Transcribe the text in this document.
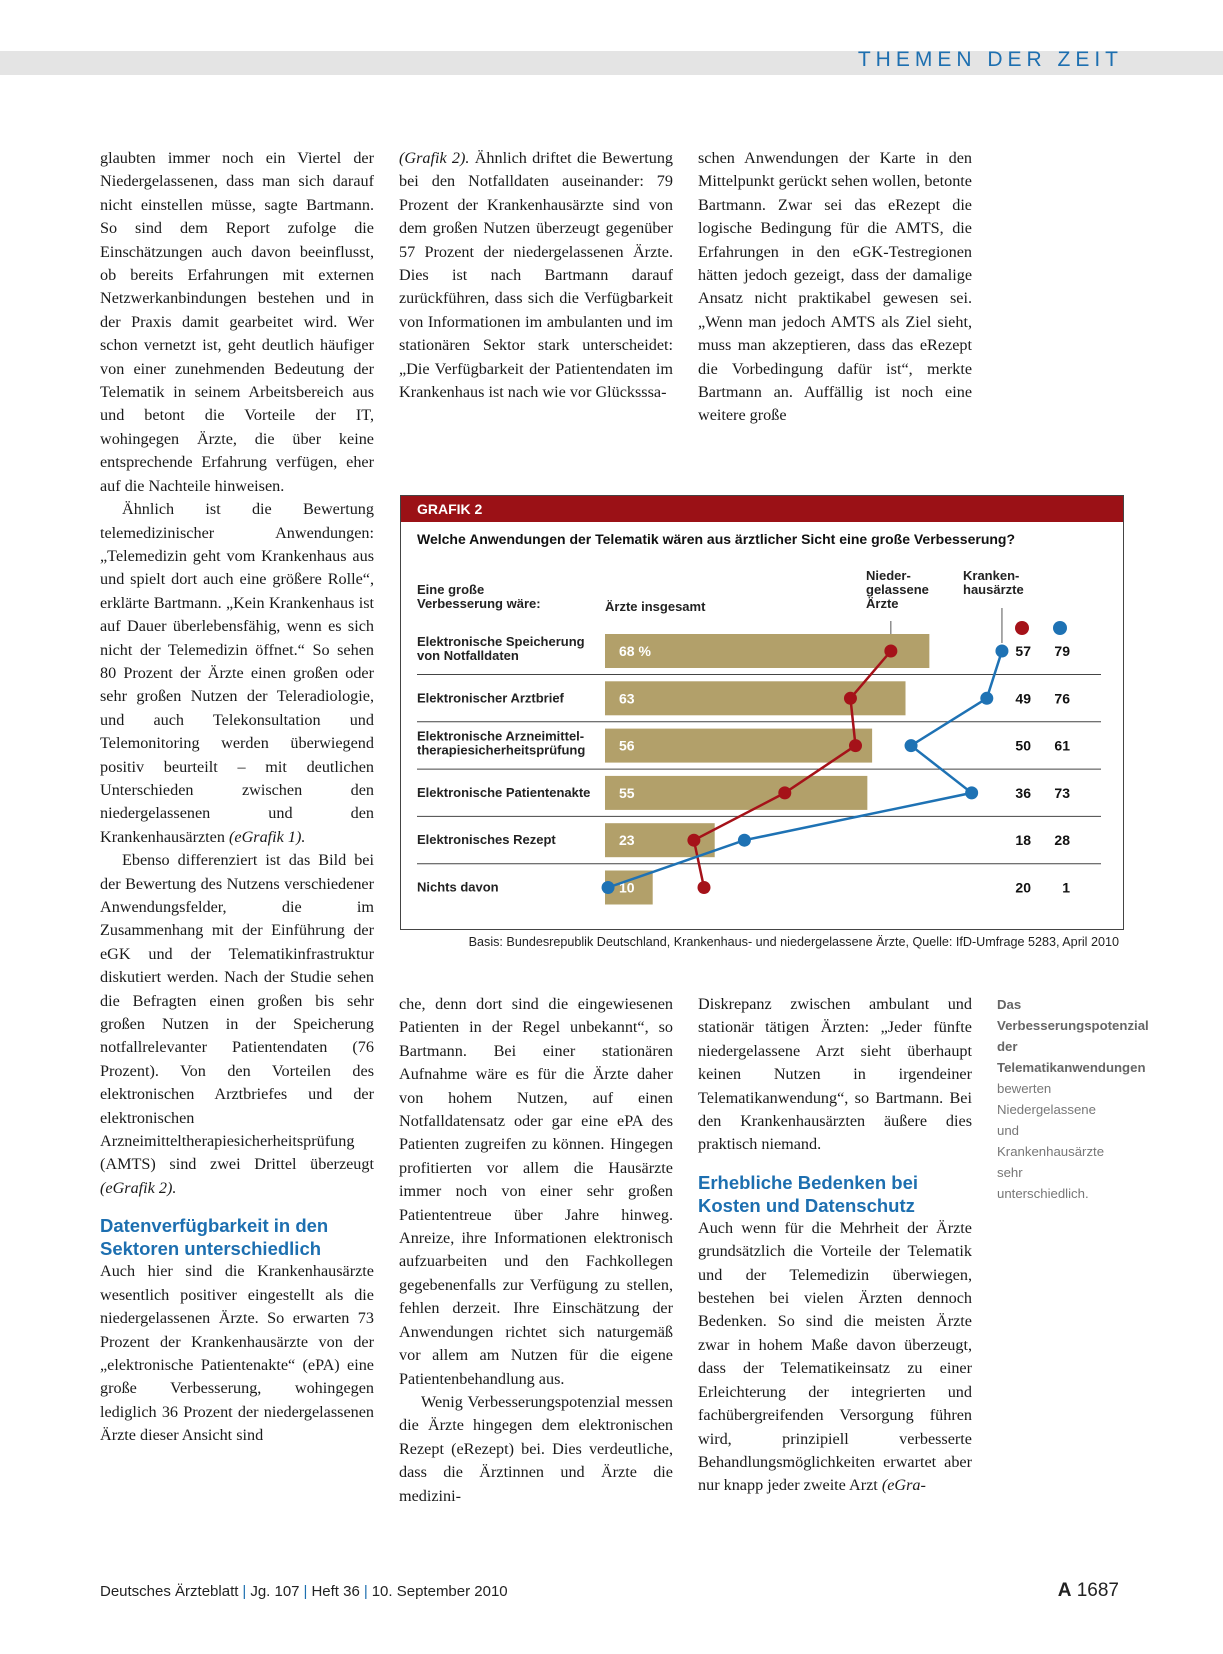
THEMEN DER ZEIT

glaubten immer noch ein Viertel der Niedergelassenen, dass man sich darauf nicht einstellen müsse, sagte Bartmann. So sind dem Report zufolge die Einschätzungen auch davon beeinflusst, ob bereits Erfahrungen mit externen Netzwerkanbindungen bestehen und in der Praxis damit gearbeitet wird. Wer schon vernetzt ist, geht deutlich häufiger von einer zunehmenden Bedeutung der Telematik in seinem Arbeitsbereich aus und betont die Vorteile der IT, wohingegen Ärzte, die über keine entsprechende Erfahrung verfügen, eher auf die Nachteile hinweisen.

Ähnlich ist die Bewertung telemedizinischer Anwendungen: „Telemedizin geht vom Krankenhaus aus und spielt dort auch eine größere Rolle“, erklärte Bartmann. „Kein Krankenhaus ist auf Dauer überlebensfähig, wenn es sich nicht der Telemedizin öffnet.“ So sehen 80 Prozent der Ärzte einen großen oder sehr großen Nutzen der Teleradiologie, und auch Telekonsultation und Telemonitoring werden überwiegend positiv beurteilt – mit deutlichen Unterschieden zwischen den niedergelassenen und den Krankenhausärzten (eGrafik 1).

Ebenso differenziert ist das Bild bei der Bewertung des Nutzens verschiedener Anwendungsfelder, die im Zusammenhang mit der Einführung der eGK und der Telematikinfrastruktur diskutiert werden. Nach der Studie sehen die Befragten einen großen bis sehr großen Nutzen in der Speicherung notfallrelevanter Patientendaten (76 Prozent). Von den Vorteilen des elektronischen Arztbriefes und der elektronischen Arzneimitteltherapiesicherheitsprüfung (AMTS) sind zwei Drittel überzeugt (eGrafik 2).

Datenverfügbarkeit in den Sektoren unterschiedlich

Auch hier sind die Krankenhausärzte wesentlich positiver eingestellt als die niedergelassenen Ärzte. So erwarten 73 Prozent der Krankenhausärzte von der „elektronische Patientenakte“ (ePA) eine große Verbesserung, wohingegen lediglich 36 Prozent der niedergelassenen Ärzte dieser Ansicht sind

(Grafik 2). Ähnlich driftet die Bewertung bei den Notfalldaten auseinander: 79 Prozent der Krankenhausärzte sind von dem großen Nutzen überzeugt gegenüber 57 Prozent der niedergelassenen Ärzte. Dies ist nach Bartmann darauf zurückführen, dass sich die Verfügbarkeit von Informationen im ambulanten und im stationären Sektor stark unterscheidet: „Die Verfügbarkeit der Patientendaten im Krankenhaus ist nach wie vor Glücksssa-

schen Anwendungen der Karte in den Mittelpunkt gerückt sehen wollen, betonte Bartmann. Zwar sei das eRezept die logische Bedingung für die AMTS, die Erfahrungen in den eGK-Testregionen hätten jedoch gezeigt, dass der damalige Ansatz nicht praktikabel gewesen sei. „Wenn man jedoch AMTS als Ziel sieht, muss man akzeptieren, dass das eRezept die Vorbedingung dafür ist“, merkte Bartmann an. Auffällig ist noch eine weitere große

GRAFIK 2
Welche Anwendungen der Telematik wären aus ärztlicher Sicht eine große Verbesserung?
Eine große Verbesserung wäre:	Ärzte insgesamt
Nieder-gelassene Ärzte
Kranken-hausärzte
Elektronische Speicherung von Notfalldaten	68 %	57 79
Elektronischer Arztbrief	63	49 76
Elektronische Arzneimittel-therapiesicherheitsprüfung 56	50 61
Elektronische Patientenakte 55	36 73
Elektronisches Rezept	23	18 28
Nichts davon	10	20 1
Basis: Bundesrepublik Deutschland, Krankenhaus- und niedergelassene Ärzte, Quelle: IfD-Umfrage 5283, April 2010

che, denn dort sind die eingewiesenen Patienten in der Regel unbekannt“, so Bartmann. Bei einer stationären Aufnahme wäre es für die Ärzte daher von hohem Nutzen, auf einen Notfalldatensatz oder gar eine ePA des Patienten zugreifen zu können. Hingegen profitierten vor allem die Hausärzte immer noch von einer sehr großen Patiententreue über Jahre hinweg. Anreize, ihre Informationen elektronisch aufzuarbeiten und den Fachkollegen gegebenenfalls zur Verfügung zu stellen, fehlen derzeit. Ihre Einschätzung der Anwendungen richtet sich naturgemäß vor allem am Nutzen für die eigene Patientenbehandlung aus.

Wenig Verbesserungspotenzial messen die Ärzte hingegen dem elektronischen Rezept (eRezept) bei. Dies verdeutliche, dass die Ärztinnen und Ärzte die medizini-

Diskrepanz zwischen ambulant und stationär tätigen Ärzten: „Jeder fünfte niedergelassene Arzt sieht überhaupt keinen Nutzen in irgendeiner Telematikanwendung“, so Bartmann. Bei den Krankenhausärzten äußere dies praktisch niemand.

Erhebliche Bedenken bei Kosten und Datenschutz

Auch wenn für die Mehrheit der Ärzte grundsätzlich die Vorteile der Telematik und der Telemedizin überwiegen, bestehen bei vielen Ärzten dennoch Bedenken. So sind die meisten Ärzte zwar in hohem Maße davon überzeugt, dass der Telematikeinsatz zu einer Erleichterung der integrierten und fachübergreifenden Versorgung führen wird, prinzipiell verbesserte Behandlungsmöglichkeiten erwartet aber nur knapp jeder zweite Arzt (eGra-

Das Verbesserungspotenzial der Telematikanwendungen bewerten Niedergelassene und Krankenhausärzte sehr unterschiedlich.
Deutsches Ärzteblatt | Jg. 107 | Heft 36 | 10. September 2010	A 1687
